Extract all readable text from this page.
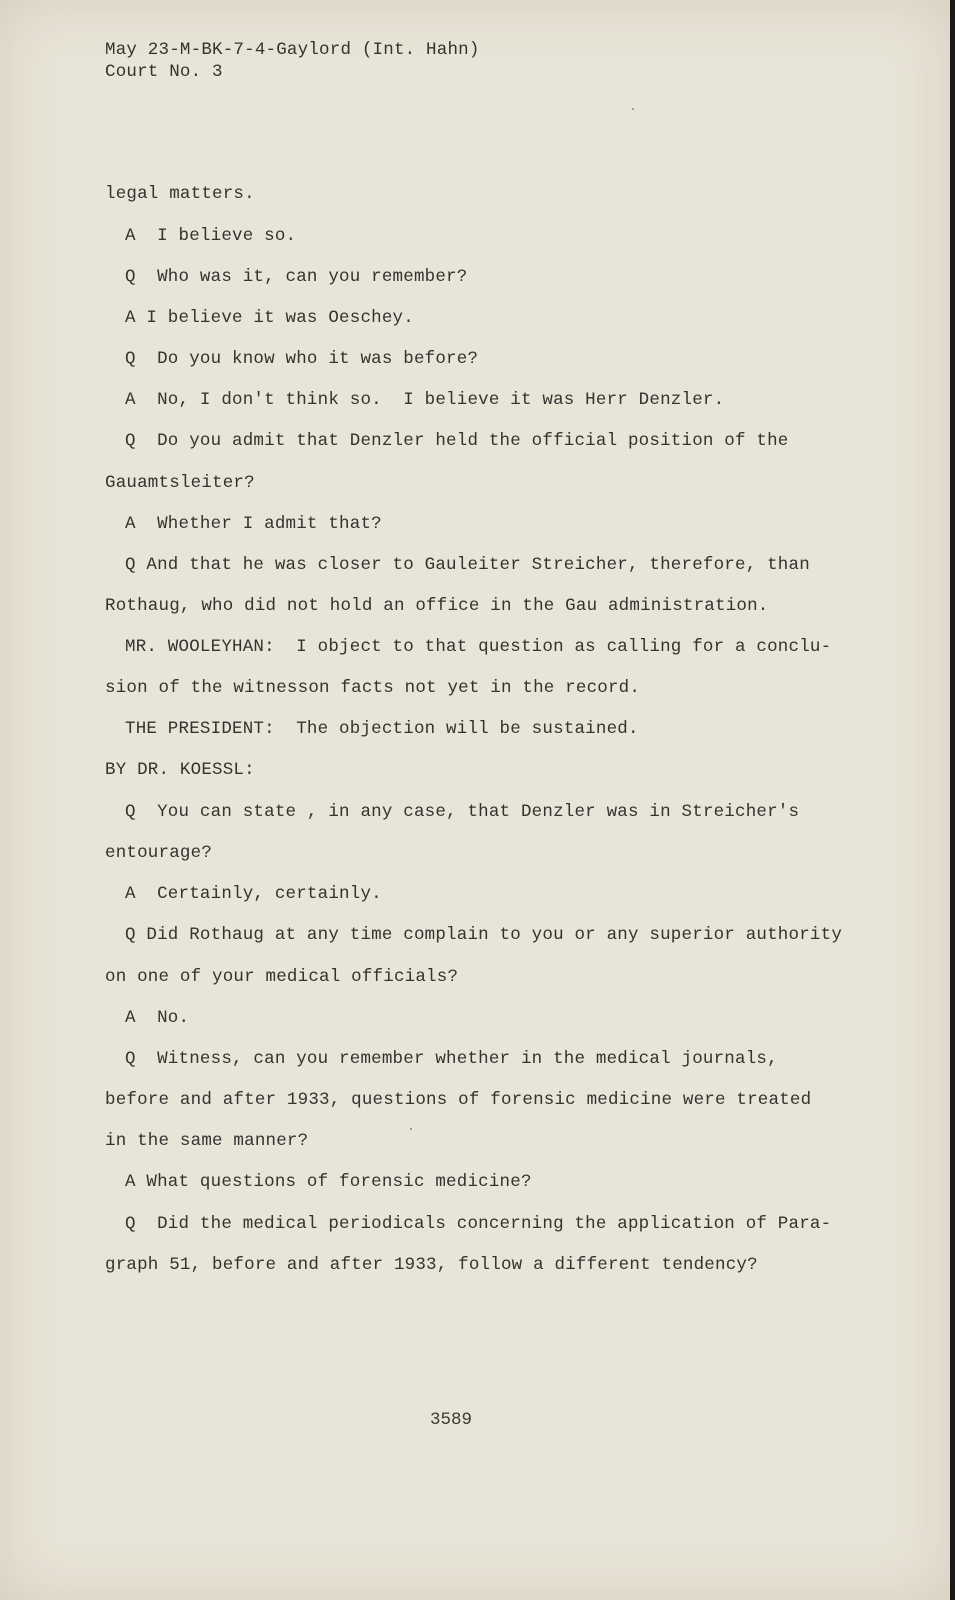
May 23-M-BK-7-4-Gaylord (Int. Hahn)
Court No. 3
legal matters.
A  I believe so.
Q  Who was it, can you remember?
A I believe it was Oeschey.
Q  Do you know who it was before?
A  No, I don't think so.  I believe it was Herr Denzler.
Q  Do you admit that Denzler held the official position of the
Gauamtsleiter?
A  Whether I admit that?
Q And that he was closer to Gauleiter Streicher, therefore, than
Rothaug, who did not hold an office in the Gau administration.
MR. WOOLEYHAN:  I object to that question as calling for a conclu-
sion of the witnesson facts not yet in the record.
THE PRESIDENT:  The objection will be sustained.
BY DR. KOESSL:
Q  You can state , in any case, that Denzler was in Streicher's
entourage?
A  Certainly, certainly.
Q Did Rothaug at any time complain to you or any superior authority
on one of your medical officials?
A  No.
Q  Witness, can you remember whether in the medical journals,
before and after 1933, questions of forensic medicine were treated
in the same manner?
A What questions of forensic medicine?
Q  Did the medical periodicals concerning the application of Para-
graph 51, before and after 1933, follow a different tendency?
3589
